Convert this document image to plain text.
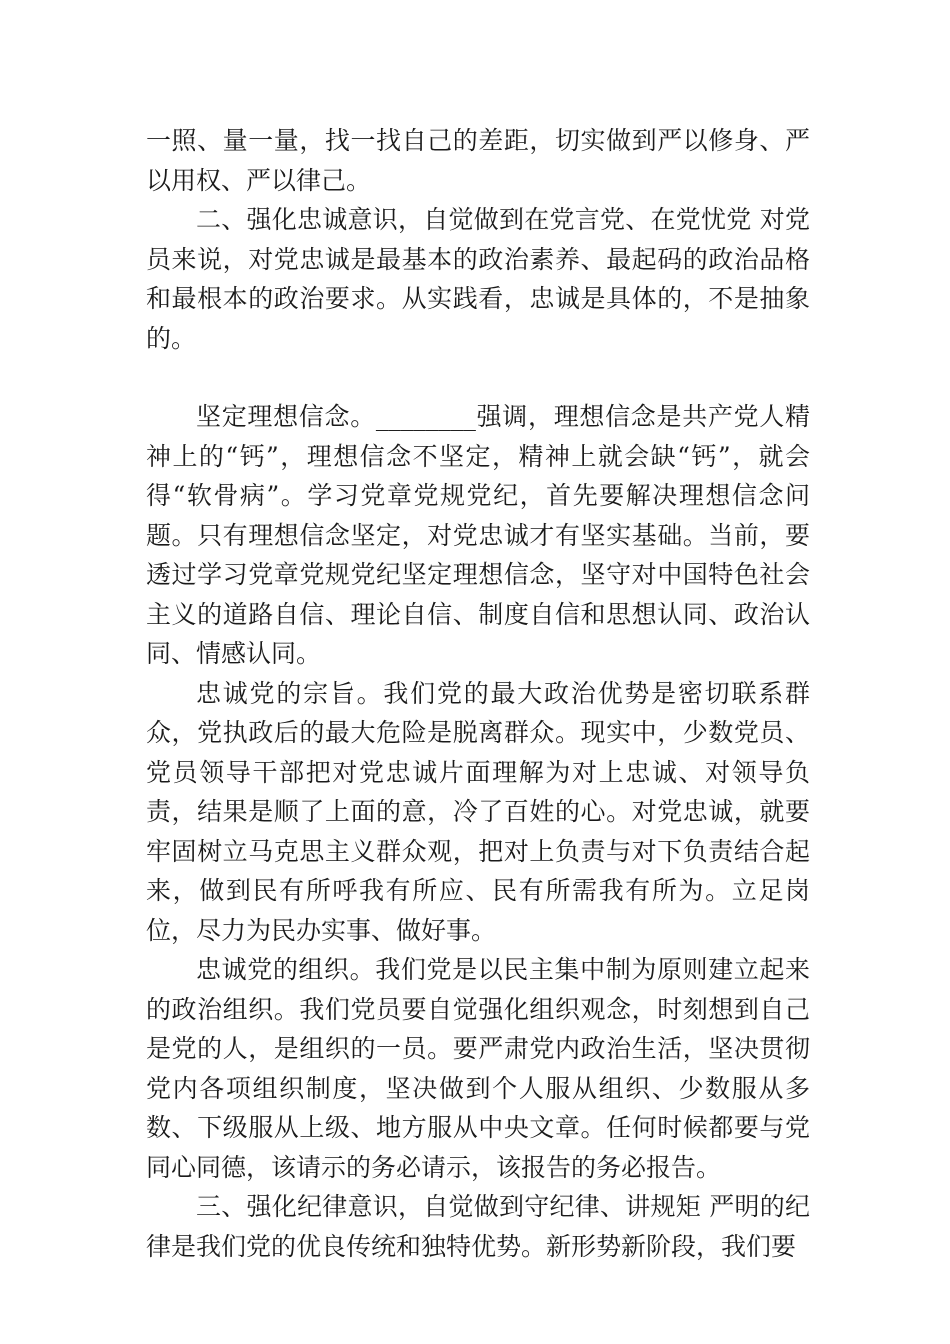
一照、量一量，找一找自己的差距，切实做到严以修身、严以用权、严以律己。

二、强化忠诚意识，自觉做到在党言党、在党忧党 对党员来说，对党忠诚是最基本的政治素养、最起码的政治品格和最根本的政治要求。从实践看，忠诚是具体的，不是抽象的。

坚定理想信念。________强调，理想信念是共产党人精神上的“钙”，理想信念不坚定，精神上就会缺“钙”，就会得“软骨病”。学习党章党规党纪，首先要解决理想信念问题。只有理想信念坚定，对党忠诚才有坚实基础。当前，要透过学习党章党规党纪坚定理想信念，坚守对中国特色社会主义的道路自信、理论自信、制度自信和思想认同、政治认同、情感认同。

忠诚党的宗旨。我们党的最大政治优势是密切联系群众，党执政后的最大危险是脱离群众。现实中，少数党员、党员领导干部把对党忠诚片面理解为对上忠诚、对领导负责，结果是顺了上面的意，冷了百姓的心。对党忠诚，就要牢固树立马克思主义群众观，把对上负责与对下负责结合起来，做到民有所呼我有所应、民有所需我有所为。立足岗位，尽力为民办实事、做好事。

忠诚党的组织。我们党是以民主集中制为原则建立起来的政治组织。我们党员要自觉强化组织观念，时刻想到自己是党的人，是组织的一员。要严肃党内政治生活，坚决贯彻党内各项组织制度，坚决做到个人服从组织、少数服从多数、下级服从上级、地方服从中央文章。任何时候都要与党同心同德，该请示的务必请示，该报告的务必报告。

三、强化纪律意识，自觉做到守纪律、讲规矩 严明的纪律是我们党的优良传统和独特优势。新形势新阶段，我们要
